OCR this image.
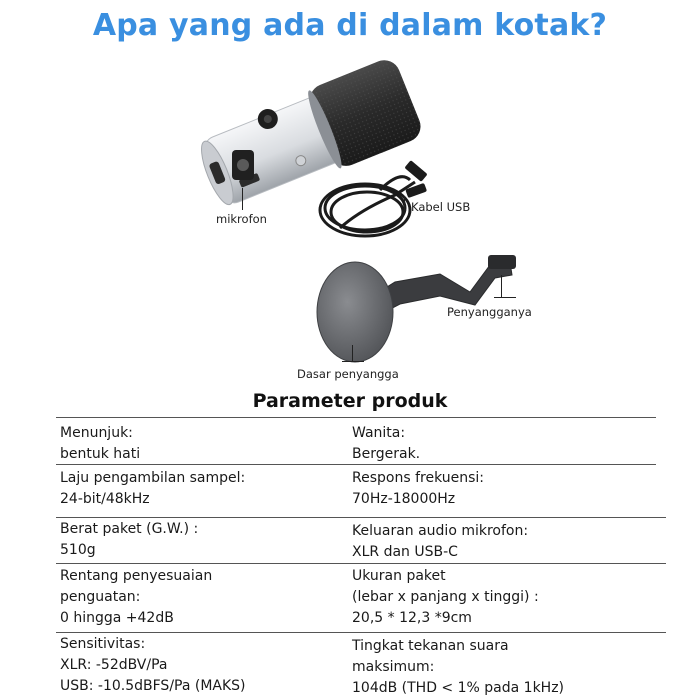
Apa yang ada di dalam kotak?
mikrofon
Kabel USB
Penyangganya
Dasar penyangga
Parameter produk
Menunjuk:
bentuk hati
Wanita:
Bergerak.
Laju pengambilan sampel:
24-bit/48kHz
Respons frekuensi:
70Hz-18000Hz
Berat paket (G.W.) :
510g
Keluaran audio mikrofon:
XLR dan USB-C
Rentang penyesuaian
penguatan:
0 hingga +42dB
Ukuran paket
(lebar x panjang x tinggi) :
20,5 * 12,3 *9cm
Sensitivitas:
XLR: -52dBV/Pa
USB: -10.5dBFS/Pa (MAKS)
Tingkat tekanan suara
maksimum:
104dB (THD < 1% pada 1kHz)
